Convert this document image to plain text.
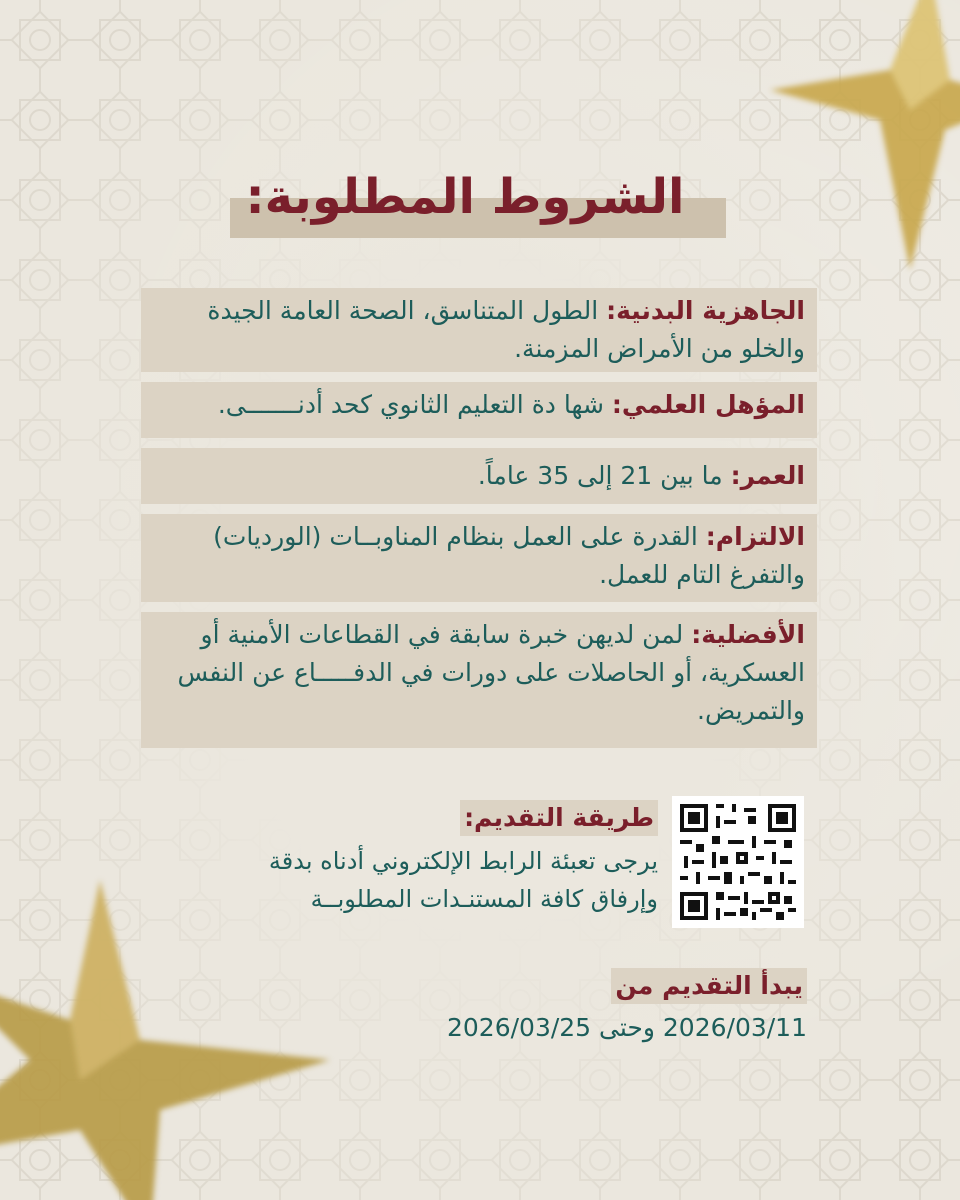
الشروط المطلوبة:
الجاهزية البدنية: الطول المتناسق، الصحة العامة الجيدة والخلو من الأمراض المزمنة.
المؤهل العلمي: شها دة التعليم الثانوي كحد أدنـــــــى.
العمر: ما بين 21 إلى 35 عاماً.
الالتزام: القدرة على العمل بنظام المناوبــات (الورديات) والتفرغ التام للعمل.
الأفضلية: لمن لديهن خبرة سابقة في القطاعات الأمنية أو العسكرية، أو الحاصلات على دورات في الدفـــــاع عن النفس والتمريض.
طريقة التقديم:
يرجى تعبئة الرابط الإلكتروني أدناه بدقة وإرفاق كافة المستنـدات المطلوبــة
يبدأ التقديم من
2026/03/11 وحتى 2026/03/25
